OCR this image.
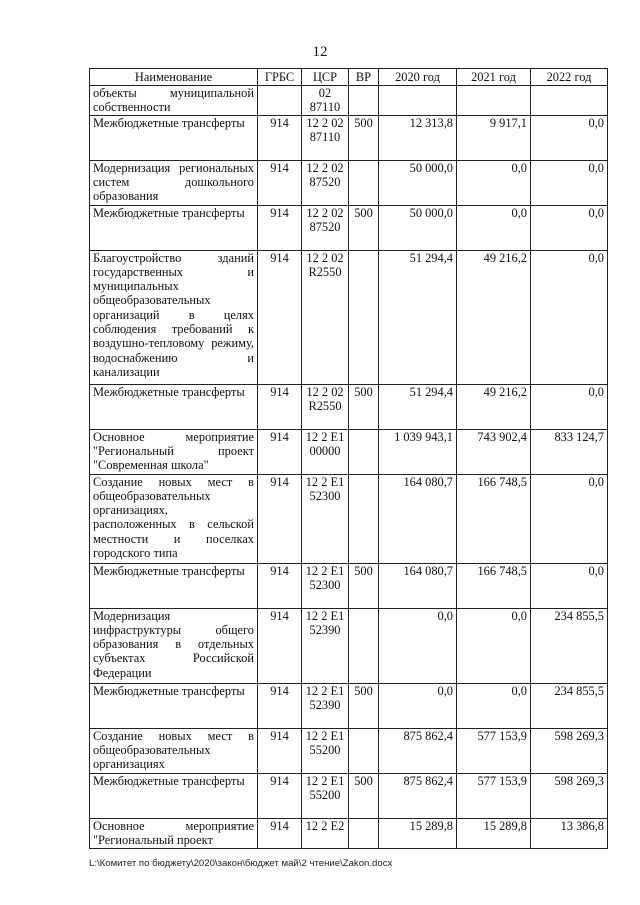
12
Наименование	ГРБС	ЦСР	ВР	2020 год	2021 год	2022 год
объекты муниципальной собственности		02 87110				
Межбюджетные трансферты	914	12 2 02 87110	500	12 313,8	9 917,1	0,0
Модернизация региональных систем дошкольного образования	914	12 2 02 87520		50 000,0	0,0	0,0
Межбюджетные трансферты	914	12 2 02 87520	500	50 000,0	0,0	0,0
Благоустройство зданий государственных и муниципальных общеобразовательных организаций в целях соблюдения требований к воздушно-тепловому режиму, водоснабжению и канализации	914	12 2 02 R2550		51 294,4	49 216,2	0,0
Межбюджетные трансферты	914	12 2 02 R2550	500	51 294,4	49 216,2	0,0
Основное мероприятие "Региональный проект "Современная школа"	914	12 2 E1 00000		1 039 943,1	743 902,4	833 124,7
Создание новых мест в общеобразовательных организациях, расположенных в сельской местности и поселках городского типа	914	12 2 E1 52300		164 080,7	166 748,5	0,0
Межбюджетные трансферты	914	12 2 E1 52300	500	164 080,7	166 748,5	0,0
Модернизация инфраструктуры общего образования в отдельных субъектах Российской Федерации	914	12 2 E1 52390		0,0	0,0	234 855,5
Межбюджетные трансферты	914	12 2 E1 52390	500	0,0	0,0	234 855,5
Создание новых мест в общеобразовательных организациях	914	12 2 E1 55200		875 862,4	577 153,9	598 269,3
Межбюджетные трансферты	914	12 2 E1 55200	500	875 862,4	577 153,9	598 269,3
Основное мероприятие "Региональный проект	914	12 2 E2		15 289,8	15 289,8	13 386,8
L:\Комитет по бюджету\2020\закон\бюджет май\2 чтение\Zakon.docx
